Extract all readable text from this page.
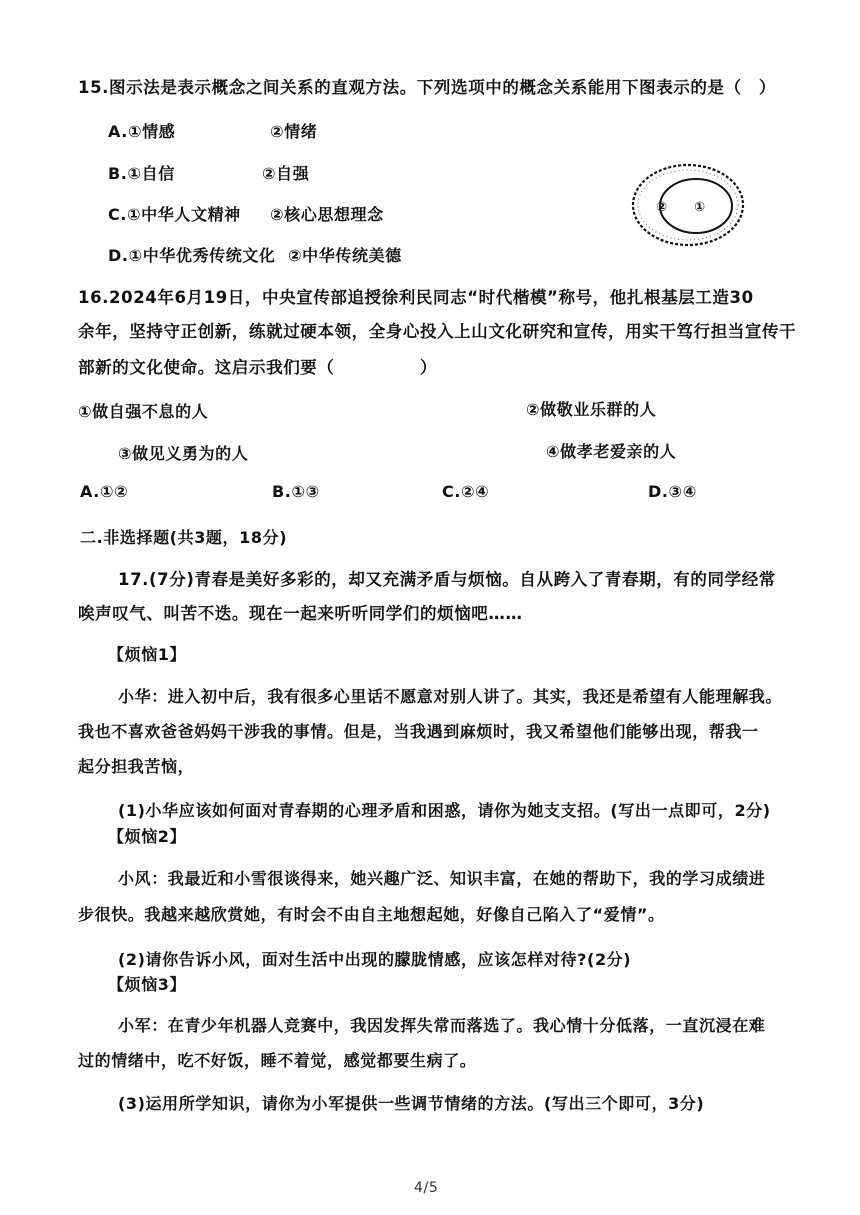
15.图示法是表示概念之间关系的直观方法。下列选项中的概念关系能用下图表示的是（　）
A.①情感	②情绪
B.①自信	②自强
C.①中华人文精神 ②核心思想理念
D.①中华优秀传统文化 ②中华传统美德
② ①
16.2024年6月19日，中央宣传部追授徐利民同志“时代楷模”称号，他扎根基层工造30
余年，坚持守正创新，练就过硬本领，全身心投入上山文化研究和宣传，用实干笃行担当宣传干
部新的文化使命。这启示我们要（　　　　　）
①做自强不息的人	②做敬业乐群的人
③做见义勇为的人	④做孝老爱亲的人
A.①②	B.①③	C.②④	D.③④
二.非选择题(共3题，18分)
17.(7分)青春是美好多彩的，却又充满矛盾与烦恼。自从跨入了青春期，有的同学经常
唉声叹气、叫苦不迭。现在一起来听听同学们的烦恼吧……
【烦恼1】
小华：进入初中后，我有很多心里话不愿意对别人讲了。其实，我还是希望有人能理解我。
我也不喜欢爸爸妈妈干涉我的事情。但是，当我遇到麻烦时，我又希望他们能够出现，帮我一
起分担我苦恼，
(1)小华应该如何面对青春期的心理矛盾和困惑，请你为她支支招。(写出一点即可，2分)
【烦恼2】
小风：我最近和小雪很谈得来，她兴趣广泛、知识丰富，在她的帮助下，我的学习成绩进
步很快。我越来越欣赏她，有时会不由自主地想起她，好像自己陷入了“爱情”。
(2)请你告诉小风，面对生活中出现的朦胧情感，应该怎样对待?(2分)
【烦恼3】
小军：在青少年机器人竞赛中，我因发挥失常而落选了。我心情十分低落，一直沉浸在难
过的情绪中，吃不好饭，睡不着觉，感觉都要生病了。
(3)运用所学知识，请你为小军提供一些调节情绪的方法。(写出三个即可，3分)
4/5
